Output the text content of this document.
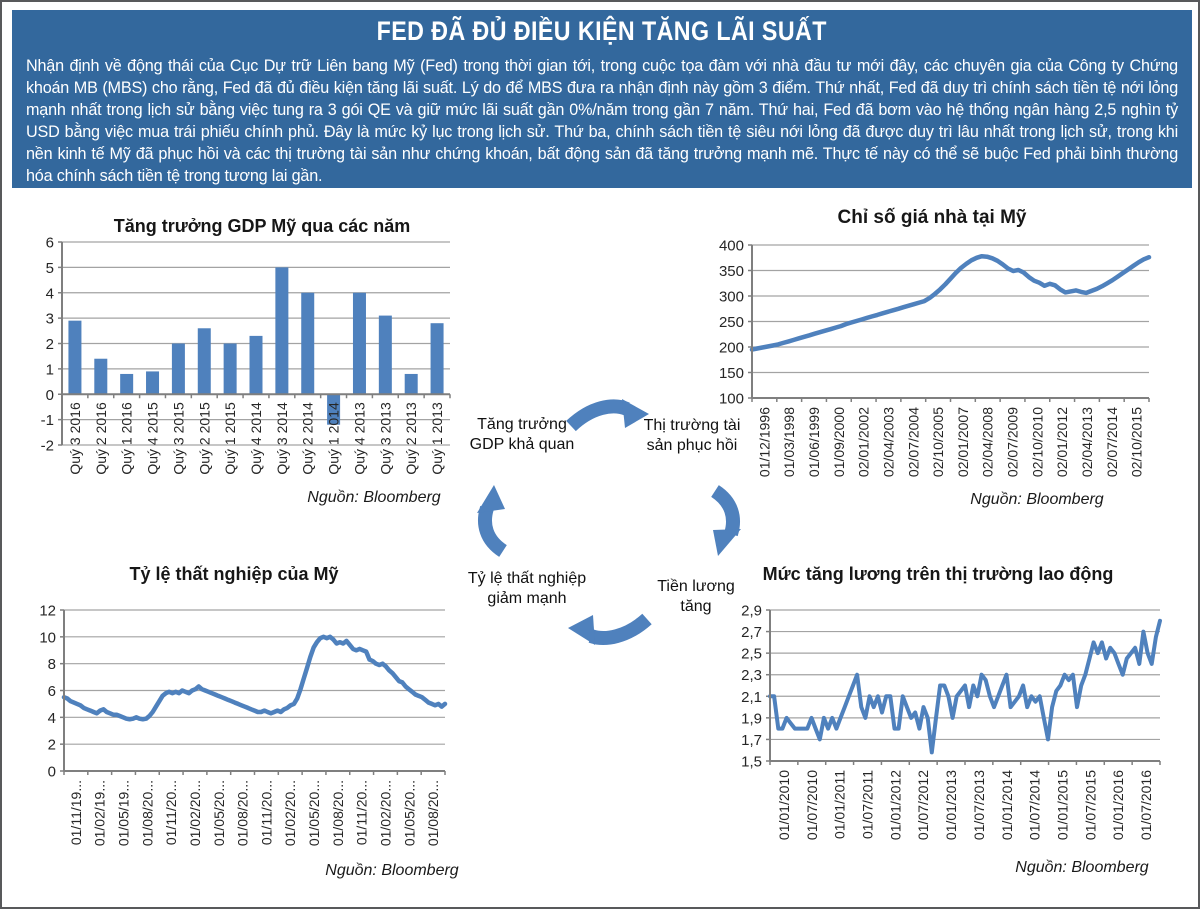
FED ĐÃ ĐỦ ĐIỀU KIỆN TĂNG LÃI SUẤT

Nhận định về động thái của Cục Dự trữ Liên bang Mỹ (Fed) trong thời gian tới, trong cuộc tọa đàm với nhà đầu tư mới đây, các chuyên gia của Công ty Chứng khoán MB (MBS) cho rằng, Fed đã đủ điều kiện tăng lãi suất. Lý do để MBS đưa ra nhận định này gồm 3 điểm. Thứ nhất, Fed đã duy trì chính sách tiền tệ nới lỏng mạnh nhất trong lịch sử bằng việc tung ra 3 gói QE và giữ mức lãi suất gần 0%/năm trong gần 7 năm. Thứ hai, Fed đã bơm vào hệ thống ngân hàng 2,5 nghìn tỷ USD bằng việc mua trái phiếu chính phủ. Đây là mức kỷ lục trong lịch sử. Thứ ba, chính sách tiền tệ siêu nới lỏng đã được duy trì lâu nhất trong lịch sử, trong khi nền kinh tế Mỹ đã phục hồi và các thị trường tài sản như chứng khoán, bất động sản đã tăng trưởng mạnh mẽ. Thực tế này có thể sẽ buộc Fed phải bình thường hóa chính sách tiền tệ trong tương lai gần.

6
5
4
3
2
1
0
-1
-2 Quý 3 2016 Quý 2 2016 Quý 1 2016 Quý 4 2015 Quý 3 2015 Quý 2 2015 Quý 1 2015 Quý 4 2014 Quý 3 2014 Quý 2 2014 Quý 1 2014 Quý 4 2013 Quý 3 2013 Quý 2 2013 Quý 1 2013
Tăng trưởng GDP Mỹ qua các năm
Nguồn: Bloomberg
400
350
300
250
200
150
100
01/12/1996 01/03/1998 01/06/1999 01/09/2000 02/01/2002 02/04/2003 02/07/2004 02/10/2005 02/01/2007 02/04/2008 02/07/2009 02/10/2010 02/01/2012 02/04/2013 02/07/2014 02/10/2015
Chỉ số giá nhà tại Mỹ
Nguồn: Bloomberg
12
10
8
6
4
2
0
01/11/19... 01/02/19... 01/05/19... 01/08/20... 01/11/20... 01/02/20... 01/05/20... 01/08/20... 01/11/20... 01/02/20... 01/05/20... 01/08/20... 01/11/20... 01/02/20... 01/05/20... 01/08/20...
Tỷ lệ thất nghiệp của Mỹ
Nguồn: Bloomberg
2,9
2,7
2,5
2,3
2,1
1,9
1,7
1,5
01/01/2010 01/07/2010 01/01/2011 01/07/2011 01/01/2012 01/07/2012 01/01/2013 01/07/2013 01/01/2014 01/07/2014 01/01/2015 01/07/2015 01/01/2016 01/07/2016
Mức tăng lương trên thị trường lao động
Nguồn: Bloomberg
Tăng trưởng GDP khả quan
Thị trường tài sản phục hồi
Tỷ lệ thất nghiệp giảm mạnh
Tiền lương tăng
